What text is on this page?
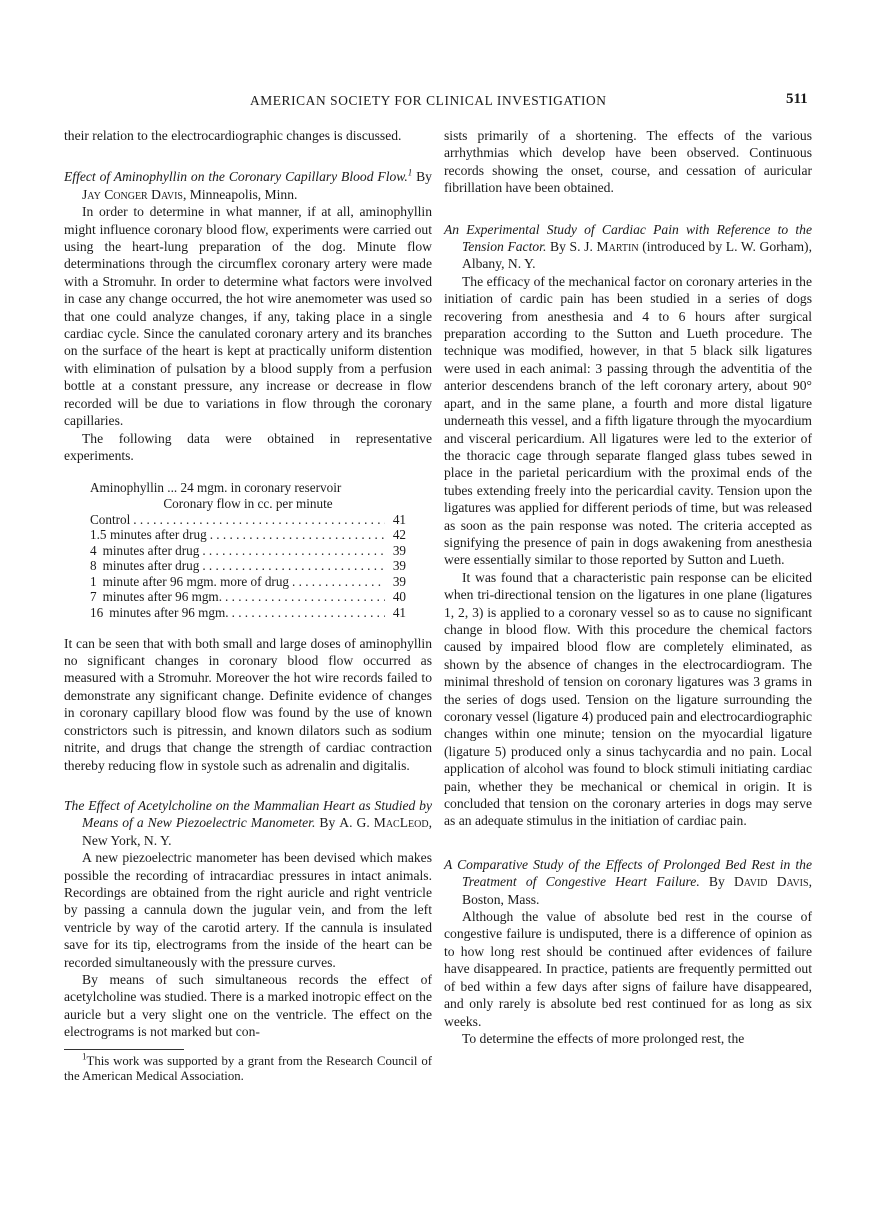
AMERICAN SOCIETY FOR CLINICAL INVESTIGATION	511

their relation to the electrocardiographic changes is discussed.

Effect of Aminophyllin on the Coronary Capillary Blood Flow.$^1$ By Jay Conger Davis, Minneapolis, Minn.

In order to determine in what manner, if at all, aminophyllin might influence coronary blood flow, experiments were carried out using the heart-lung preparation of the dog. Minute flow determinations through the circumflex coronary artery were made with a Stromuhr. In order to determine what factors were involved in case any change occurred, the hot wire anemometer was used so that one could analyze changes, if any, taking place in a single cardiac cycle. Since the canulated coronary artery and its branches on the surface of the heart is kept at practically uniform distention with elimination of pulsation by a blood supply from a perfusion bottle at a constant pressure, any increase or decrease in flow recorded will be due to variations in flow through the coronary capillaries.

The following data were obtained in representative experiments.

Aminophyllin ... 24 mgm. in coronary reservoir
Coronary flow in cc. per minute
Control . . .	41
1.5 minutes after drug . . .	42
4 minutes after drug . . .	39
8 minutes after drug . . .	39
1 minute after 96 mgm. more of drug . . .	39
7 minutes after 96 mgm. . . .	40
16 minutes after 96 mgm. . . .	41

It can be seen that with both small and large doses of aminophyllin no significant changes in coronary blood flow occurred as measured with a Stromuhr. Moreover the hot wire records failed to demonstrate any significant change. Definite evidence of changes in coronary capillary blood flow was found by the use of known constrictors such is pitressin, and known dilators such as sodium nitrite, and drugs that change the strength of cardiac contraction thereby reducing flow in systole such as adrenalin and digitalis.

The Effect of Acetylcholine on the Mammalian Heart as Studied by Means of a New Piezoelectric Manometer. By A. G. MacLeod, New York, N. Y.

A new piezoelectric manometer has been devised which makes possible the recording of intracardiac pressures in intact animals. Recordings are obtained from the right auricle and right ventricle by passing a cannula down the jugular vein, and from the left ventricle by way of the carotid artery. If the cannula is insulated save for its tip, electrograms from the inside of the heart can be recorded simultaneously with the pressure curves.

By means of such simultaneous records the effect of acetylcholine was studied. There is a marked inotropic effect on the auricle but a very slight one on the ventricle. The effect on the electrograms is not marked but con-

$^1$This work was supported by a grant from the Research Council of the American Medical Association.

sists primarily of a shortening. The effects of the various arrhythmias which develop have been observed. Continuous records showing the onset, course, and cessation of auricular fibrillation have been obtained.

An Experimental Study of Cardiac Pain with Reference to the Tension Factor. By S. J. Martin (introduced by L. W. Gorham), Albany, N. Y.

The efficacy of the mechanical factor on coronary arteries in the initiation of cardic pain has been studied in a series of dogs recovering from anesthesia and 4 to 6 hours after surgical preparation according to the Sutton and Lueth procedure. The technique was modified, however, in that 5 black silk ligatures were used in each animal: 3 passing through the adventitia of the anterior descendens branch of the left coronary artery, about 90° apart, and in the same plane, a fourth and more distal ligature underneath this vessel, and a fifth ligature through the myocardium and visceral pericardium. All ligatures were led to the exterior of the thoracic cage through separate flanged glass tubes sewed in place in the parietal pericardium with the proximal ends of the tubes extending freely into the pericardial cavity. Tension upon the ligatures was applied for different periods of time, but was released as soon as the pain response was noted. The criteria accepted as signifying the presence of pain in dogs awakening from anesthesia were essentially similar to those reported by Sutton and Lueth.

It was found that a characteristic pain response can be elicited when tri-directional tension on the ligatures in one plane (ligatures 1, 2, 3) is applied to a coronary vessel so as to cause no significant change in blood flow. With this procedure the chemical factors caused by impaired blood flow are completely eliminated, as shown by the absence of changes in the electrocardiogram. The minimal threshold of tension on coronary ligatures was 3 grams in the series of dogs used. Tension on the ligature surrounding the coronary vessel (ligature 4) produced pain and electrocardiographic changes within one minute; tension on the myocardial ligature (ligature 5) produced only a sinus tachycardia and no pain. Local application of alcohol was found to block stimuli initiating cardiac pain, whether they be mechanical or chemical in origin. It is concluded that tension on the coronary arteries in dogs may serve as an adequate stimulus in the initiation of cardiac pain.

A Comparative Study of the Effects of Prolonged Bed Rest in the Treatment of Congestive Heart Failure. By David Davis, Boston, Mass.

Although the value of absolute bed rest in the course of congestive failure is undisputed, there is a difference of opinion as to how long rest should be continued after evidences of failure have disappeared. In practice, patients are frequently permitted out of bed within a few days after signs of failure have disappeared, and only rarely is absolute bed rest continued for as long as six weeks.

To determine the effects of more prolonged rest, the
